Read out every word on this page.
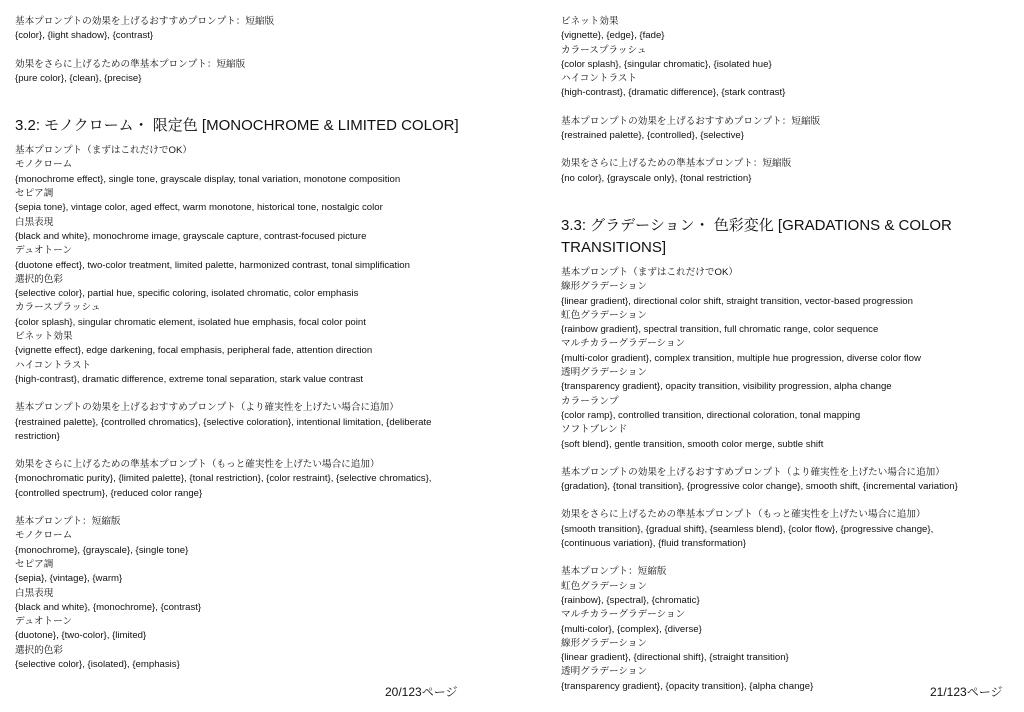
基本プロンプトの効果を上げるおすすめプロンプト：短縮版
{color}, {light shadow}, {contrast}
効果をさらに上げるための準基本プロンプト：短縮版
{pure color}, {clean}, {precise}
3.2: モノクローム・ 限定色 [MONOCHROME & LIMITED COLOR]
基本プロンプト（まずはこれだけでOK）
モノクローム
{monochrome effect}, single tone, grayscale display, tonal variation, monotone composition
セピア調
{sepia tone}, vintage color, aged effect, warm monotone, historical tone, nostalgic color
白黒表現
{black and white}, monochrome image, grayscale capture, contrast-focused picture
デュオトーン
{duotone effect}, two-color treatment, limited palette, harmonized contrast, tonal simplification
選択的色彩
{selective color}, partial hue, specific coloring, isolated chromatic, color emphasis
カラースプラッシュ
{color splash}, singular chromatic element, isolated hue emphasis, focal color point
ビネット効果
{vignette effect}, edge darkening, focal emphasis, peripheral fade, attention direction
ハイコントラスト
{high-contrast}, dramatic difference, extreme tonal separation, stark value contrast
基本プロンプトの効果を上げるおすすめプロンプト（より確実性を上げたい場合に追加）
{restrained palette}, {controlled chromatics}, {selective coloration}, intentional limitation, {deliberate
restriction}
効果をさらに上げるための準基本プロンプト（もっと確実性を上げたい場合に追加）
{monochromatic purity}, {limited palette}, {tonal restriction}, {color restraint}, {selective chromatics},
{controlled spectrum}, {reduced color range}
基本プロンプト：短縮版
モノクローム
{monochrome}, {grayscale}, {single tone}
セピア調
{sepia}, {vintage}, {warm}
白黒表現
{black and white}, {monochrome}, {contrast}
デュオトーン
{duotone}, {two-color}, {limited}
選択的色彩
{selective color}, {isolated}, {emphasis}
20/123ページ
ビネット効果
{vignette}, {edge}, {fade}
カラースプラッシュ
{color splash}, {singular chromatic}, {isolated hue}
ハイコントラスト
{high-contrast}, {dramatic difference}, {stark contrast}
基本プロンプトの効果を上げるおすすめプロンプト：短縮版
{restrained palette}, {controlled}, {selective}
効果をさらに上げるための準基本プロンプト：短縮版
{no color}, {grayscale only}, {tonal restriction}
3.3: グラデーション・ 色彩変化 [GRADATIONS & COLOR TRANSITIONS]
基本プロンプト（まずはこれだけでOK）
線形グラデーション
{linear gradient}, directional color shift, straight transition, vector-based progression
虹色グラデーション
{rainbow gradient}, spectral transition, full chromatic range, color sequence
マルチカラーグラデーション
{multi-color gradient}, complex transition, multiple hue progression, diverse color flow
透明グラデーション
{transparency gradient}, opacity transition, visibility progression, alpha change
カラーランプ
{color ramp}, controlled transition, directional coloration, tonal mapping
ソフトブレンド
{soft blend}, gentle transition, smooth color merge, subtle shift
基本プロンプトの効果を上げるおすすめプロンプト（より確実性を上げたい場合に追加）
{gradation}, {tonal transition}, {progressive color change}, smooth shift, {incremental variation}
効果をさらに上げるための準基本プロンプト（もっと確実性を上げたい場合に追加）
{smooth transition}, {gradual shift}, {seamless blend}, {color flow}, {progressive change},
{continuous variation}, {fluid transformation}
基本プロンプト：短縮版
虹色グラデーション
{rainbow}, {spectral}, {chromatic}
マルチカラーグラデーション
{multi-color}, {complex}, {diverse}
線形グラデーション
{linear gradient}, {directional shift}, {straight transition}
透明グラデーション
{transparency gradient}, {opacity transition}, {alpha change}	21/123ページ
